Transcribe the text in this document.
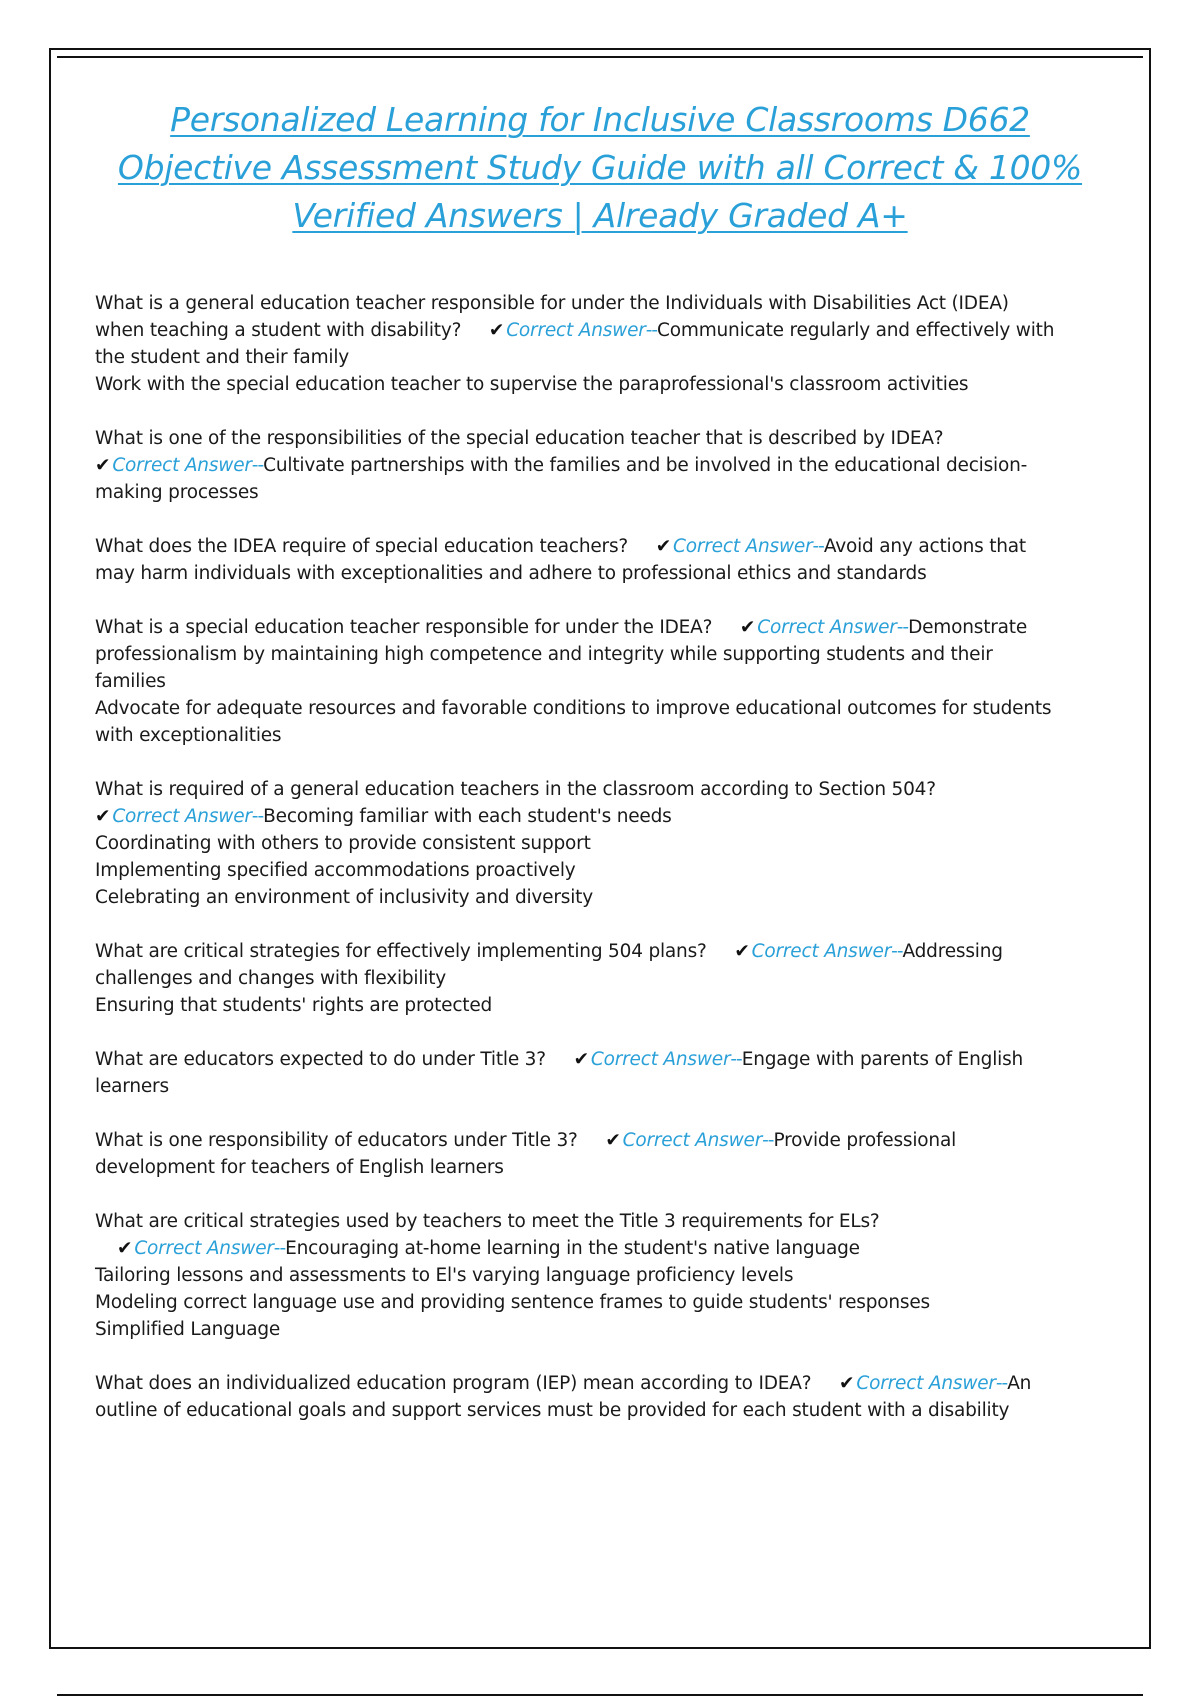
Personalized Learning for Inclusive Classrooms D662 Objective Assessment Study Guide with all Correct & 100% Verified Answers | Already Graded A+
What is a general education teacher responsible for under the Individuals with Disabilities Act (IDEA) when teaching a student with disability? ✔ Correct Answer--Communicate regularly and effectively with the student and their family
Work with the special education teacher to supervise the paraprofessional's classroom activities
What is one of the responsibilities of the special education teacher that is described by IDEA?
✔ Correct Answer--Cultivate partnerships with the families and be involved in the educational decision-making processes
What does the IDEA require of special education teachers? ✔ Correct Answer--Avoid any actions that may harm individuals with exceptionalities and adhere to professional ethics and standards
What is a special education teacher responsible for under the IDEA? ✔ Correct Answer--Demonstrate professionalism by maintaining high competence and integrity while supporting students and their families
Advocate for adequate resources and favorable conditions to improve educational outcomes for students with exceptionalities
What is required of a general education teachers in the classroom according to Section 504?
✔ Correct Answer--Becoming familiar with each student's needs
Coordinating with others to provide consistent support
Implementing specified accommodations proactively
Celebrating an environment of inclusivity and diversity
What are critical strategies for effectively implementing 504 plans? ✔ Correct Answer--Addressing challenges and changes with flexibility
Ensuring that students' rights are protected
What are educators expected to do under Title 3? ✔ Correct Answer--Engage with parents of English learners
What is one responsibility of educators under Title 3? ✔ Correct Answer--Provide professional development for teachers of English learners
What are critical strategies used by teachers to meet the Title 3 requirements for ELs? ✔ Correct Answer--Encouraging at-home learning in the student's native language
Tailoring lessons and assessments to El's varying language proficiency levels
Modeling correct language use and providing sentence frames to guide students' responses
Simplified Language
What does an individualized education program (IEP) mean according to IDEA? ✔ Correct Answer--An outline of educational goals and support services must be provided for each student with a disability
